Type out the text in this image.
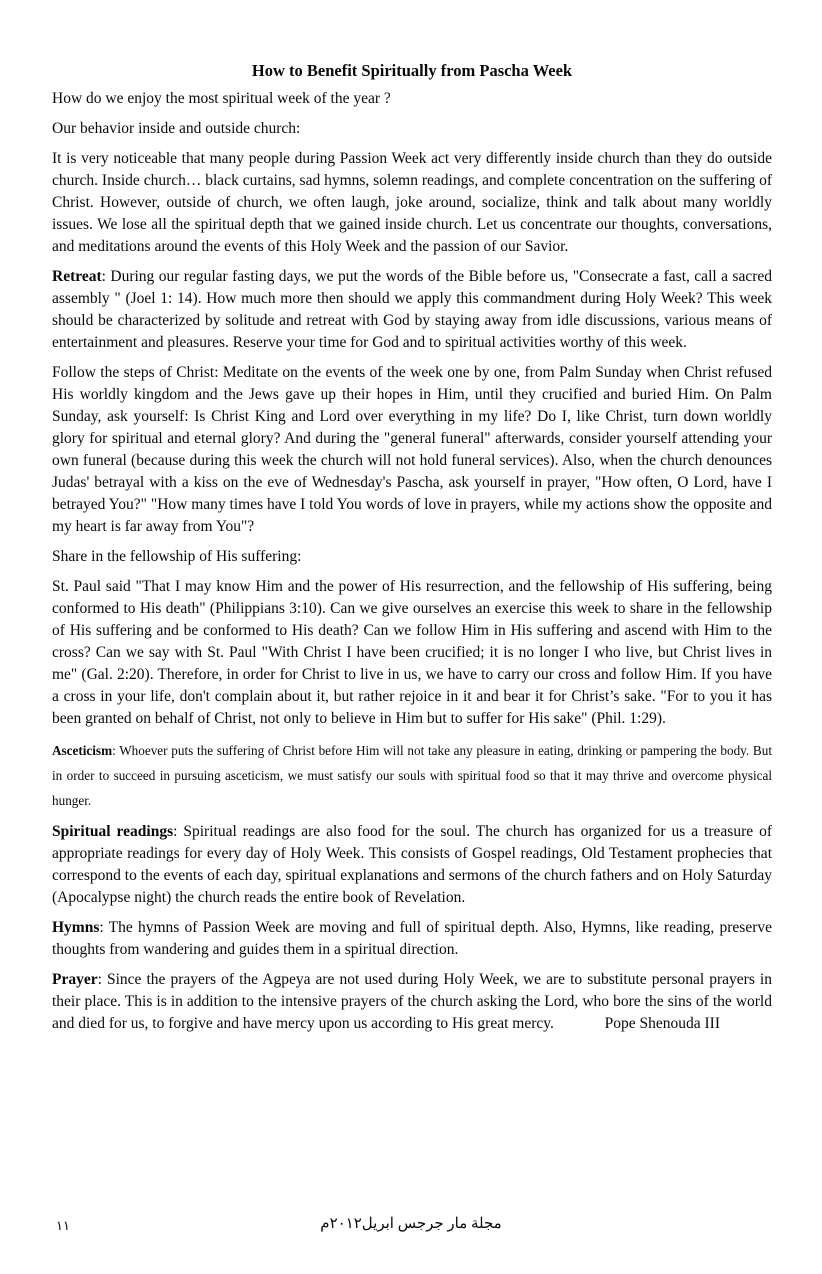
How to Benefit Spiritually from Pascha Week

How do we enjoy the most spiritual week of the year ?

Our behavior inside and outside church:

It is very noticeable that many people during Passion Week act very differently inside church than they do outside church. Inside church… black curtains, sad hymns, solemn readings, and complete concentration on the suffering of Christ. However, outside of church, we often laugh, joke around, socialize, think and talk about many worldly issues. We lose all the spiritual depth that we gained inside church. Let us concentrate our thoughts, conversations, and meditations around the events of this Holy Week and the passion of our Savior.

Retreat: During our regular fasting days, we put the words of the Bible before us, "Consecrate a fast, call a sacred assembly " (Joel 1: 14). How much more then should we apply this commandment during Holy Week? This week should be characterized by solitude and retreat with God by staying away from idle discussions, various means of entertainment and pleasures. Reserve your time for God and to spiritual activities worthy of this week.

Follow the steps of Christ: Meditate on the events of the week one by one, from Palm Sunday when Christ refused His worldly kingdom and the Jews gave up their hopes in Him, until they crucified and buried Him. On Palm Sunday, ask yourself: Is Christ King and Lord over everything in my life? Do I, like Christ, turn down worldly glory for spiritual and eternal glory? And during the "general funeral" afterwards, consider yourself attending your own funeral (because during this week the church will not hold funeral services). Also, when the church denounces Judas' betrayal with a kiss on the eve of Wednesday's Pascha, ask yourself in prayer, "How often, O Lord, have I betrayed You?" "How many times have I told You words of love in prayers, while my actions show the opposite and my heart is far away from You"?

Share in the fellowship of His suffering:

St. Paul said "That I may know Him and the power of His resurrection, and the fellowship of His suffering, being conformed to His death" (Philippians 3:10). Can we give ourselves an exercise this week to share in the fellowship of His suffering and be conformed to His death? Can we follow Him in His suffering and ascend with Him to the cross? Can we say with St. Paul "With Christ I have been crucified; it is no longer I who live, but Christ lives in me" (Gal. 2:20). Therefore, in order for Christ to live in us, we have to carry our cross and follow Him. If you have a cross in your life, don't complain about it, but rather rejoice in it and bear it for Christ’s sake. "For to you it has been granted on behalf of Christ, not only to believe in Him but to suffer for His sake" (Phil. 1:29).

Asceticism: Whoever puts the suffering of Christ before Him will not take any pleasure in eating, drinking or pampering the body. But in order to succeed in pursuing asceticism, we must satisfy our souls with spiritual food so that it may thrive and overcome physical hunger.

Spiritual readings: Spiritual readings are also food for the soul. The church has organized for us a treasure of appropriate readings for every day of Holy Week. This consists of Gospel readings, Old Testament prophecies that correspond to the events of each day, spiritual explanations and sermons of the church fathers and on Holy Saturday (Apocalypse night) the church reads the entire book of Revelation.

Hymns: The hymns of Passion Week are moving and full of spiritual depth. Also, Hymns, like reading, preserve thoughts from wandering and guides them in a spiritual direction.

Prayer: Since the prayers of the Agpeya are not used during Holy Week, we are to substitute personal prayers in their place. This is in addition to the intensive prayers of the church asking the Lord, who bore the sins of the world and died for us, to forgive and have mercy upon us according to His great mercy.	Pope Shenouda III

١١	مجلة مار جرجس ابريل٢٠١٢م
